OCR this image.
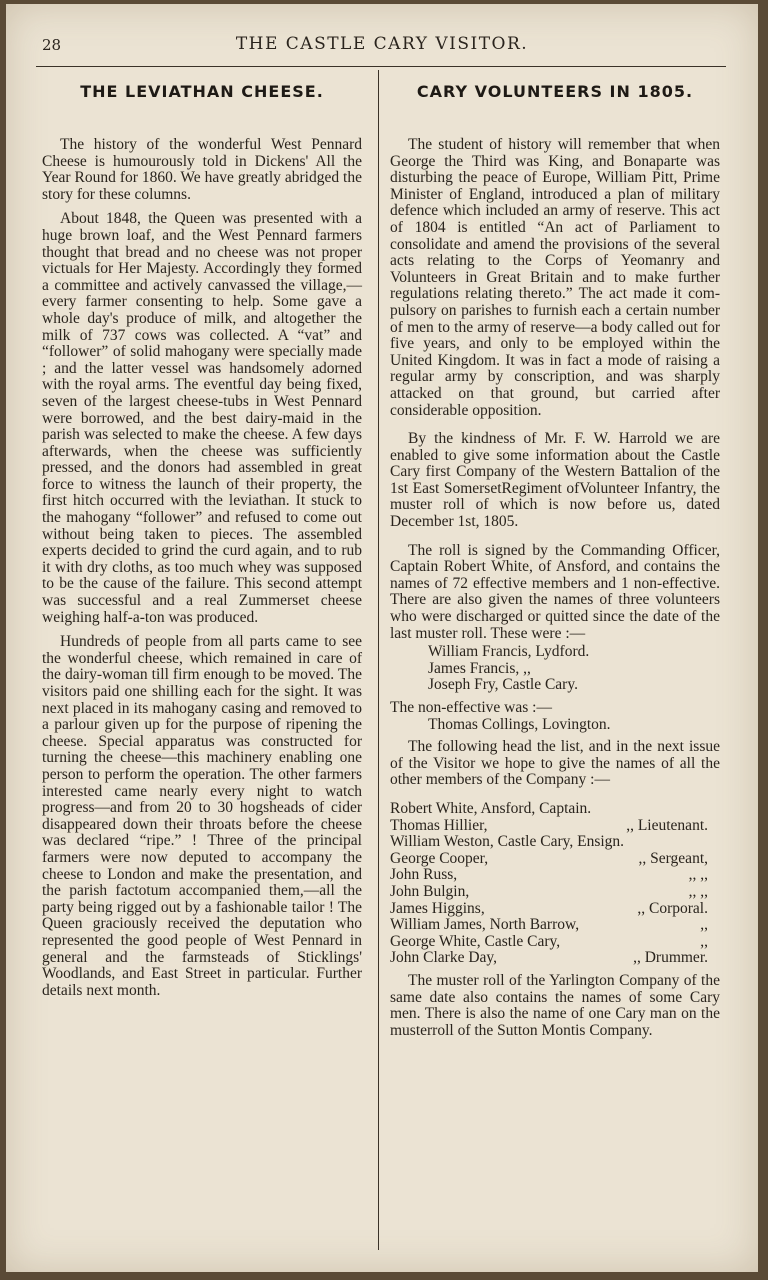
28	THE CASTLE CARY VISITOR.
THE LEVIATHAN CHEESE.

The history of the wonderful West Pennard Cheese is humourously told in Dickens' All the Year Round for 1860. We have greatly abridged the story for these columns.

About 1848, the Queen was presented with a huge brown loaf, and the West Pennard farmers thought that bread and no cheese was not proper victuals for Her Majesty. Accordingly they formed a committee and actively canvassed the village,—every farmer consenting to help. Some gave a whole day's produce of milk, and altogether the milk of 737 cows was collected. A “vat” and “follower” of solid mahogany were specially made ; and the latter vessel was handsomely adorned with the royal arms. The eventful day being fixed, seven of the largest cheese-tubs in West Pennard were borrowed, and the best dairy-maid in the parish was selected to make the cheese. A few days afterwards, when the cheese was sufficiently pressed, and the donors had assembled in great force to witness the launch of their property, the first hitch occurred with the leviathan. It stuck to the mahogany “follower” and refused to come out without being taken to pieces. The assembled experts decided to grind the curd again, and to rub it with dry cloths, as too much whey was supposed to be the cause of the failure. This second attempt was successful and a real Zummerset cheese weighing half-a-ton was produced.

Hundreds of people from all parts came to see the wonderful cheese, which remained in care of the dairy-woman till firm enough to be moved. The visitors paid one shilling each for the sight. It was next placed in its mahogany casing and removed to a parlour given up for the purpose of ripening the cheese. Special apparatus was constructed for turning the cheese—this machinery enabling one person to perform the operation. The other farmers interested came nearly every night to watch progress—and from 20 to 30 hogsheads of cider disappeared down their throats before the cheese was declared “ripe.” ! Three of the principal farmers were now deputed to accompany the cheese to London and make the presentation, and the parish factotum accompanied them,—all the party being rigged out by a fashionable tailor ! The Queen graciously received the deputation who represented the good people of West Pennard in general and the farmsteads of Sticklings' Woodlands, and East Street in particular. Further details next month.

CARY VOLUNTEERS IN 1805.

The student of history will remember that when George the Third was King, and Bonaparte was disturbing the peace of Europe, William Pitt, Prime Minister of England, introduced a plan of military defence which included an army of reserve. This act of 1804 is entitled “An act of Parliament to consolidate and amend the provisions of the several acts relating to the Corps of Yeomanry and Volunteers in Great Britain and to make further regulations relating thereto.” The act made it compulsory on parishes to furnish each a certain number of men to the army of reserve—a body called out for five years, and only to be employed within the United Kingdom. It was in fact a mode of raising a regular army by conscription, and was sharply attacked on that ground, but carried after considerable opposition.

By the kindness of Mr. F. W. Harrold we are enabled to give some information about the Castle Cary first Company of the Western Battalion of the 1st East SomersetRegiment ofVolunteer Infantry, the muster roll of which is now before us, dated December 1st, 1805.

The roll is signed by the Commanding Officer, Captain Robert White, of Ansford, and contains the names of 72 effective members and 1 non-effective. There are also given the names of three volunteers who were discharged or quitted since the date of the last muster roll. These were :—

William Francis, Lydford.
James Francis, ,,
Joseph Fry, Castle Cary.
The non-effective was :—
Thomas Collings, Lovington.

The following head the list, and in the next issue of the Visitor we hope to give the names of all the other members of the Company :—

Robert White, Ansford, Captain.
Thomas Hillier,	,, Lieutenant.
William Weston, Castle Cary, Ensign.
George Cooper,	,, Sergeant,
John Russ,	,, ,,
John Bulgin,	,, ,,
James Higgins,	,, Corporal.
William James, North Barrow,	,,
George White, Castle Cary,	,,
John Clarke Day,	,, Drummer.

The muster roll of the Yarlington Company of the same date also contains the names of some Cary men. There is also the name of one Cary man on the musterroll of the Sutton Montis Company.
